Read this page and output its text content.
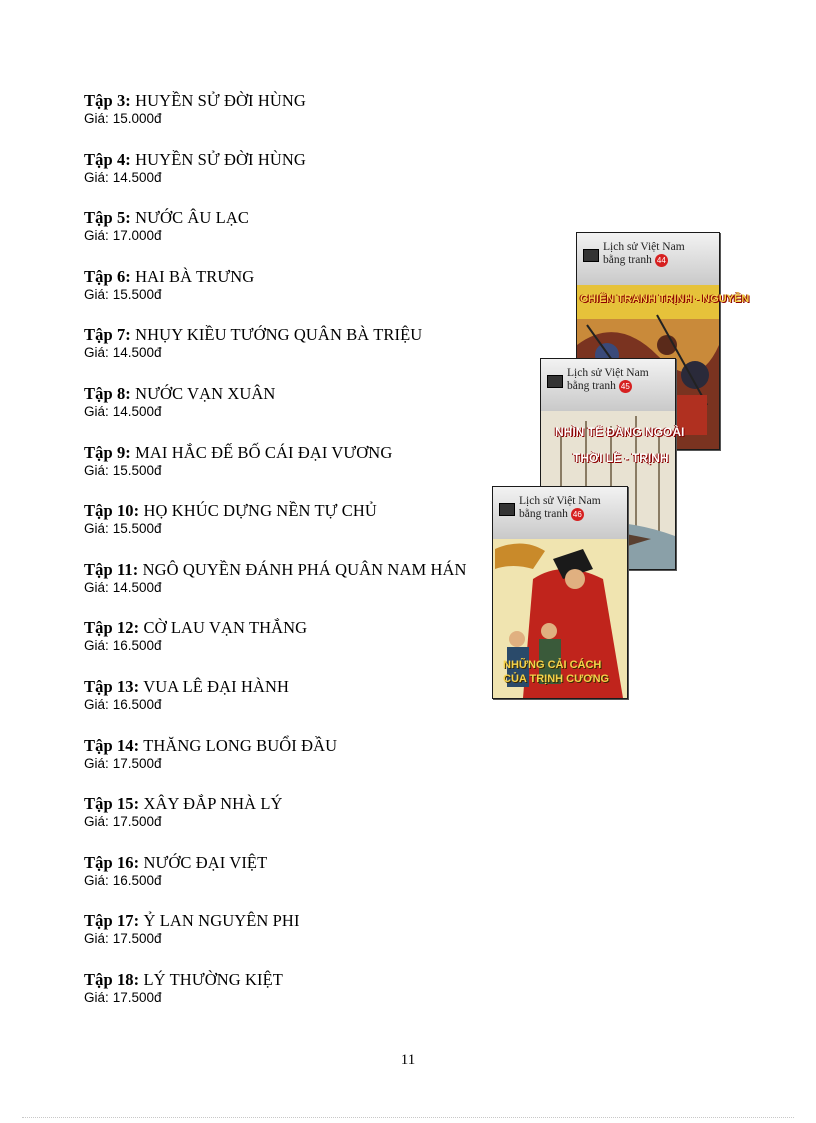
Tập 3: HUYỀN SỬ ĐỜI HÙNG
Giá: 15.000đ
Tập 4: HUYỀN SỬ ĐỜI HÙNG
Giá: 14.500đ
Tập 5: NƯỚC ÂU LẠC
Giá: 17.000đ
Tập 6: HAI BÀ TRƯNG
Giá: 15.500đ
Tập 7: NHỤY KIỀU TƯỚNG QUÂN BÀ TRIỆU
Giá: 14.500đ
Tập 8: NƯỚC VẠN XUÂN
Giá: 14.500đ
Tập 9: MAI HẮC ĐẾ BỐ CÁI ĐẠI VƯƠNG
Giá: 15.500đ
Tập 10: HỌ KHÚC DỰNG NỀN TỰ CHỦ
Giá: 15.500đ
Tập 11: NGÔ QUYỀN ĐÁNH PHÁ QUÂN NAM HÁN
Giá: 14.500đ
Tập 12: CỜ LAU VẠN THẮNG
Giá: 16.500đ
Tập 13: VUA LÊ ĐẠI HÀNH
Giá: 16.500đ
Tập 14: THĂNG LONG BUỔI ĐẦU
Giá: 17.500đ
Tập 15: XÂY ĐẮP NHÀ LÝ
Giá: 17.500đ
Tập 16: NƯỚC ĐẠI VIỆT
Giá: 16.500đ
Tập 17: Ỷ LAN NGUYÊN PHI
Giá: 17.500đ
Tập 18: LÝ THƯỜNG KIỆT
Giá: 17.500đ
Lịch sử Việt Nam
bằng tranh 44
CHIẾN TRANH TRỊNH - NGUYỄN
Lịch sử Việt Nam
bằng tranh 45
NHÌN TỂ ĐÀNG NGOÀI
THỜI LÊ - TRỊNH
Lịch sử Việt Nam
bằng tranh 46
NHỮNG CẢI CÁCH
CỦA TRỊNH CƯƠNG
11
